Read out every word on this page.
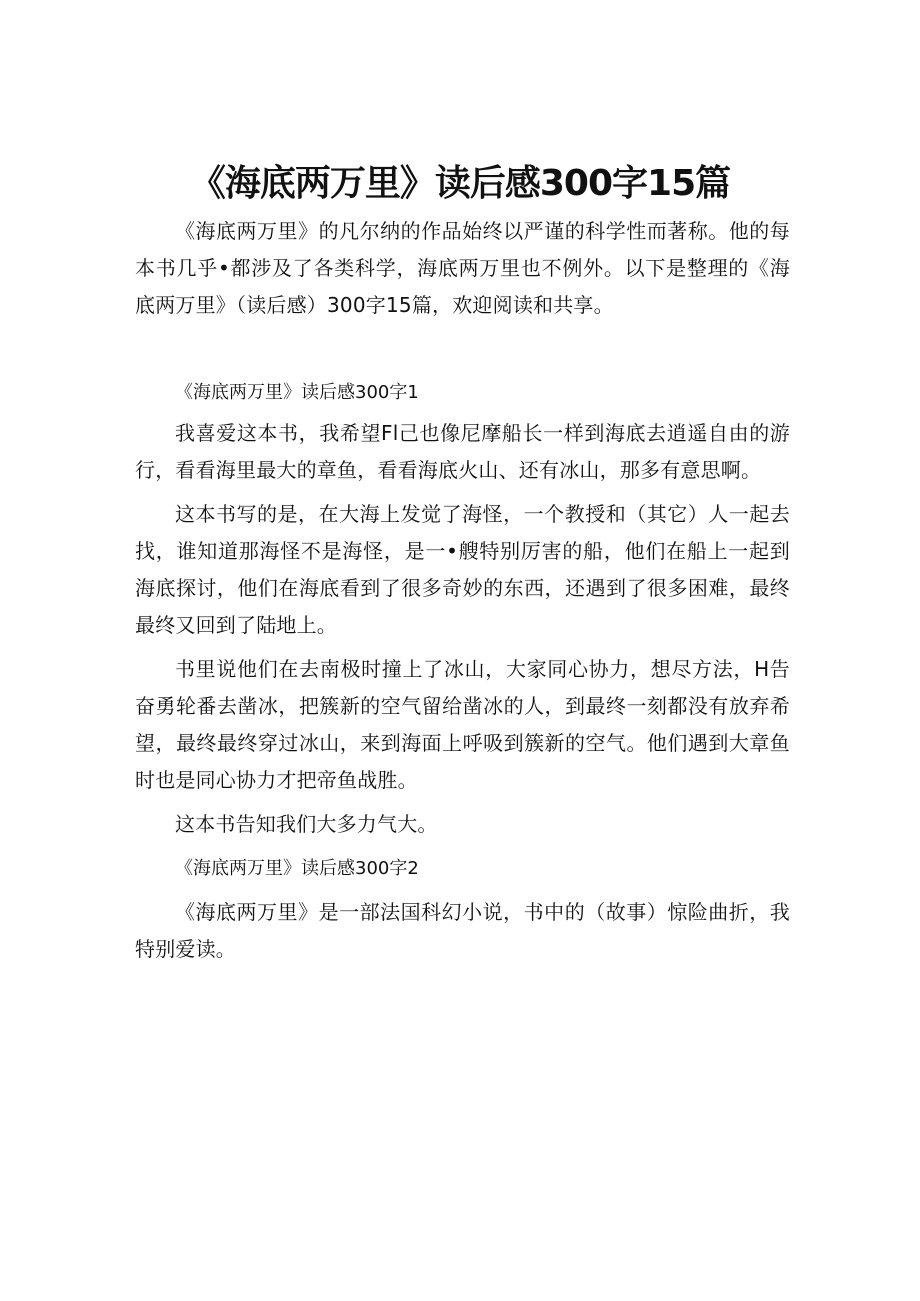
《海底两万里》读后感300字15篇

《海底两万里》的凡尔纳的作品始终以严谨的科学性而著称。他的每本书几乎•都涉及了各类科学，海底两万里也不例外。以下是整理的《海底两万里》（读后感）300字15篇，欢迎阅读和共享。

《海底两万里》读后感300字1

我喜爱这本书，我希望Fl己也像尼摩船长一样到海底去逍遥自由的游行，看看海里最大的章鱼，看看海底火山、还有冰山，那多有意思啊。

这本书写的是，在大海上发觉了海怪，一个教授和（其它）人一起去找，谁知道那海怪不是海怪，是一•艘特别厉害的船，他们在船上一起到海底探讨，他们在海底看到了很多奇妙的东西，还遇到了很多困难，最终最终又回到了陆地上。

书里说他们在去南极时撞上了冰山，大家同心协力，想尽方法，H告奋勇轮番去凿冰，把簇新的空气留给凿冰的人，到最终一刻都没有放弃希望，最终最终穿过冰山，来到海面上呼吸到簇新的空气。他们遇到大章鱼时也是同心协力才把帝鱼战胜。

这本书告知我们大多力气大。

《海底两万里》读后感300字2

《海底两万里》是一部法国科幻小说，书中的（故事）惊险曲折，我特别爱读。
